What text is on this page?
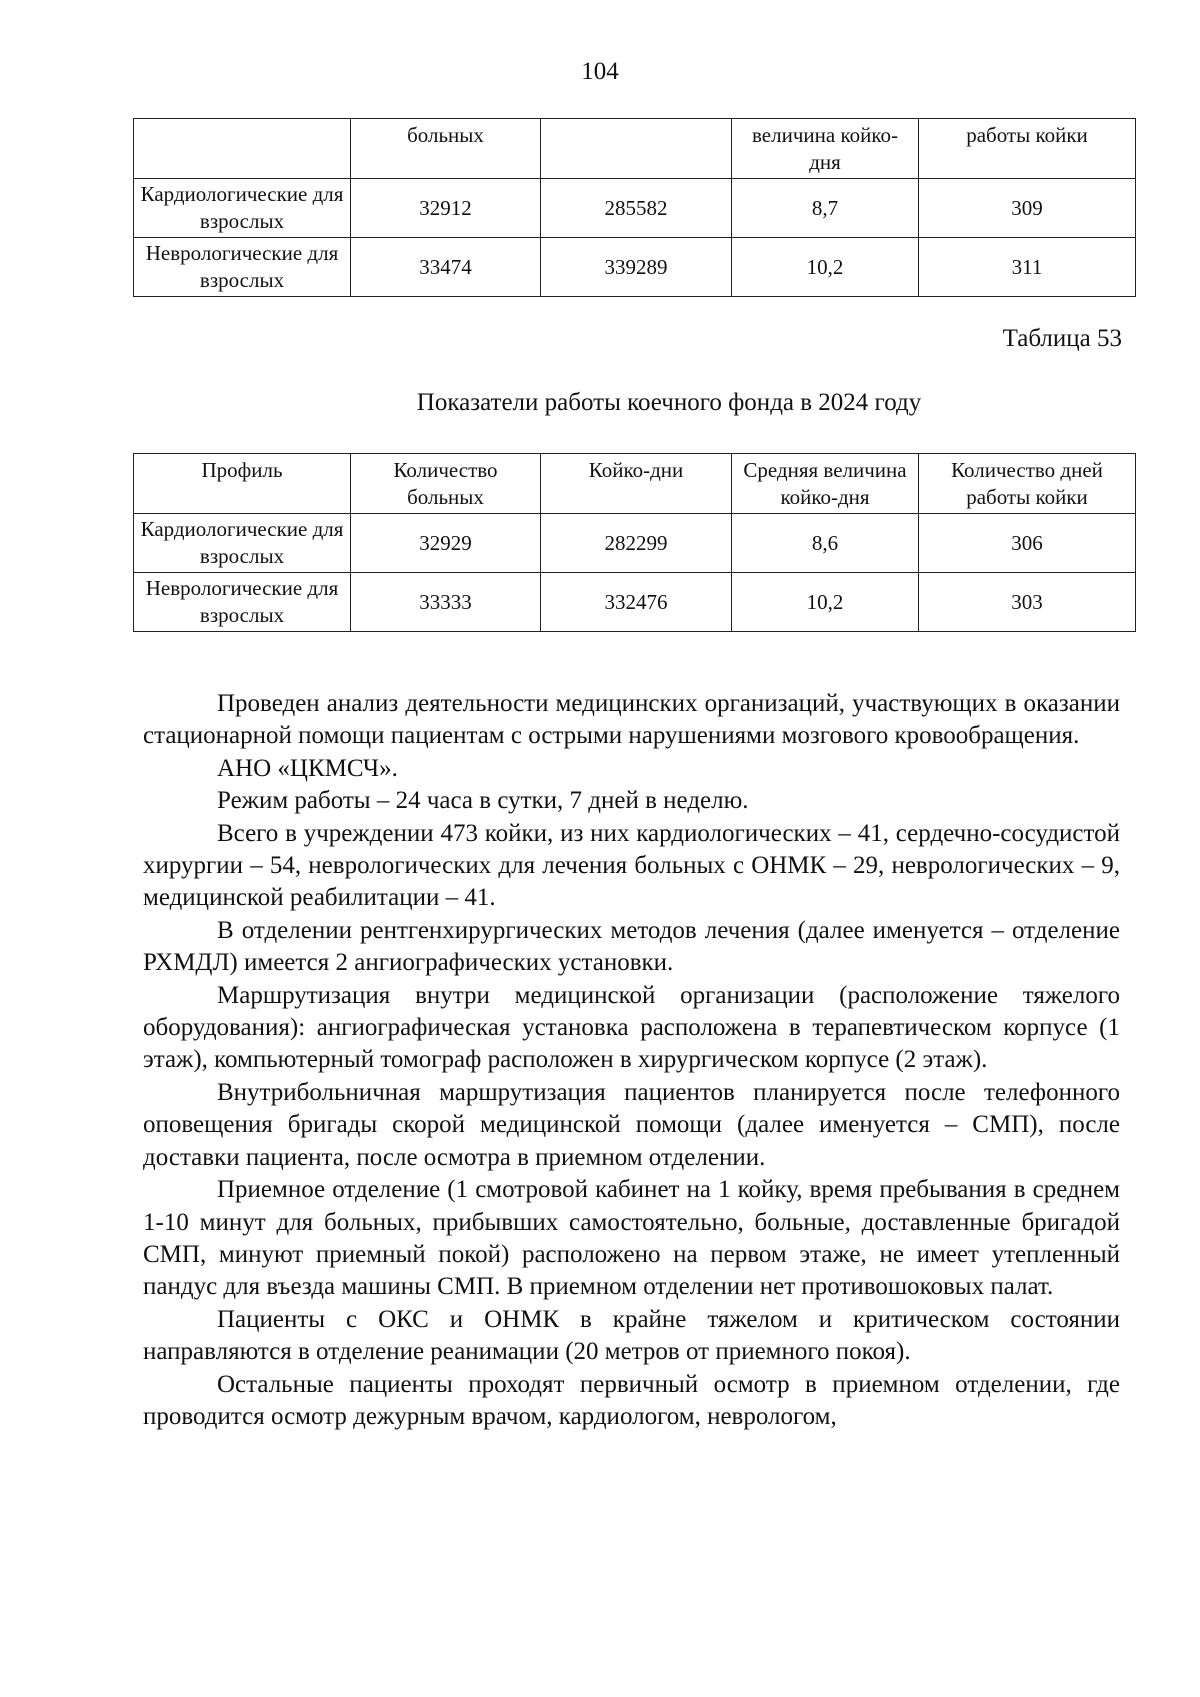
104
	больных		величина койко-дня	работы койки
Кардиологические для взрослых	32912	285582	8,7	309
Неврологические для взрослых	33474	339289	10,2	311
Таблица 53
Показатели работы коечного фонда в 2024 году
Профиль	Количество больных	Койко-дни	Средняя величина койко-дня	Количество дней работы койки
Кардиологические для взрослых	32929	282299	8,6	306
Неврологические для взрослых	33333	332476	10,2	303

Проведен анализ деятельности медицинских организаций, участвующих в оказании стационарной помощи пациентам с острыми нарушениями мозгового кровообращения.

АНО «ЦКМСЧ».

Режим работы – 24 часа в сутки, 7 дней в неделю.

Всего в учреждении 473 койки, из них кардиологических – 41, сердечно-сосудистой хирургии – 54, неврологических для лечения больных с ОНМК – 29, неврологических – 9, медицинской реабилитации – 41.

В отделении рентгенхирургических методов лечения (далее именуется – отделение РХМДЛ) имеется 2 ангиографических установки.

Маршрутизация внутри медицинской организации (расположение тяжелого оборудования): ангиографическая установка расположена в терапевтическом корпусе (1 этаж), компьютерный томограф расположен в хирургическом корпусе (2 этаж).

Внутрибольничная маршрутизация пациентов планируется после телефонного оповещения бригады скорой медицинской помощи (далее именуется – СМП), после доставки пациента, после осмотра в приемном отделении.

Приемное отделение (1 смотровой кабинет на 1 койку, время пребывания в среднем 1-10 минут для больных, прибывших самостоятельно, больные, доставленные бригадой СМП, минуют приемный покой) расположено на первом этаже, не имеет утепленный пандус для въезда машины СМП. В приемном отделении нет противошоковых палат.

Пациенты с ОКС и ОНМК в крайне тяжелом и критическом состоянии направляются в отделение реанимации (20 метров от приемного покоя).

Остальные пациенты проходят первичный осмотр в приемном отделении, где проводится осмотр дежурным врачом, кардиологом, неврологом,
